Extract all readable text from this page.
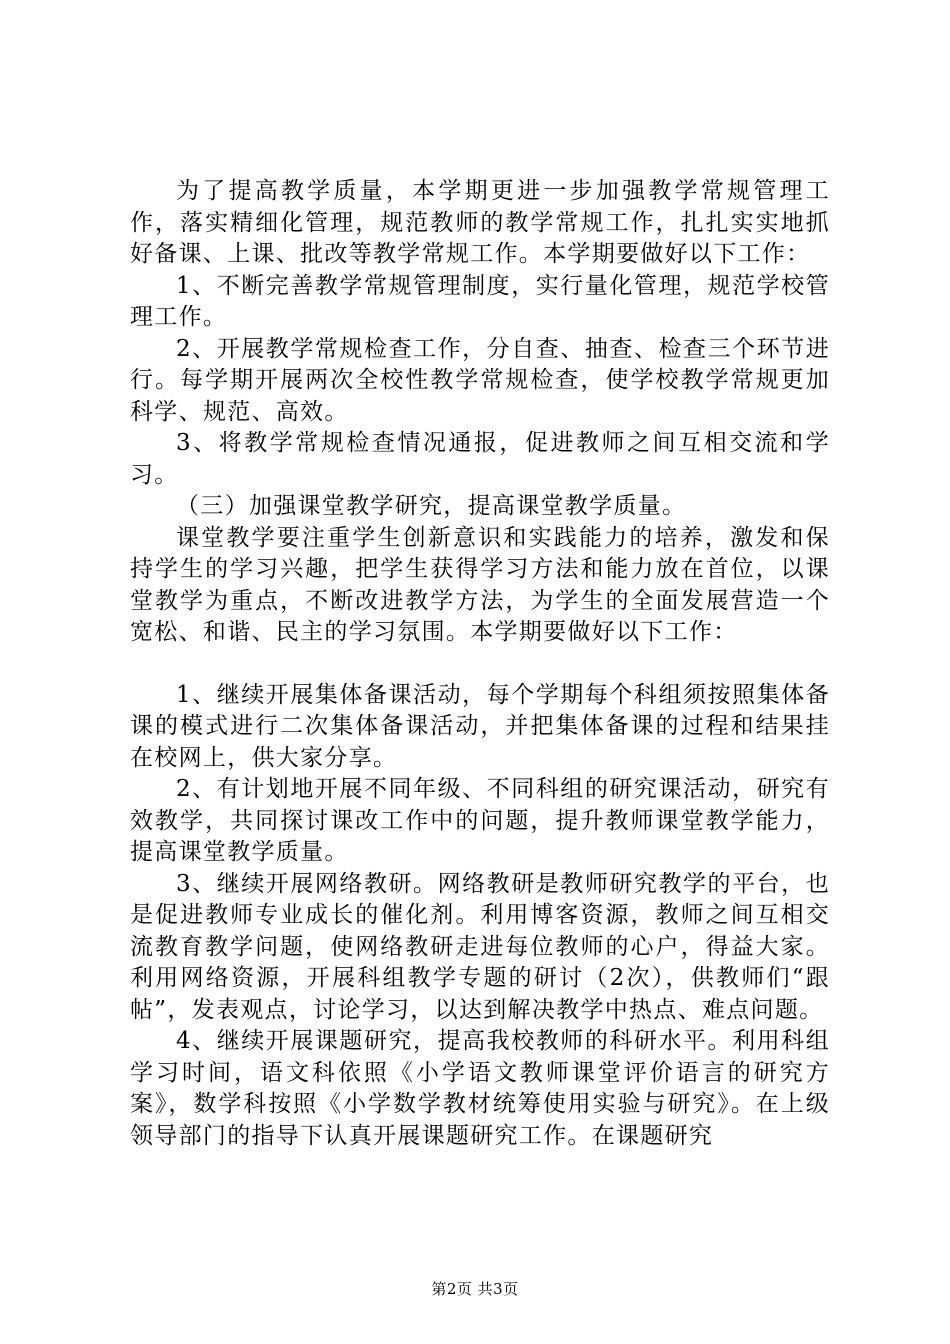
为了提高教学质量，本学期更进一步加强教学常规管理工作，落实精细化管理，规范教师的教学常规工作，扎扎实实地抓好备课、上课、批改等教学常规工作。本学期要做好以下工作：

1、不断完善教学常规管理制度，实行量化管理，规范学校管理工作。

2、开展教学常规检查工作，分自查、抽查、检查三个环节进行。每学期开展两次全校性教学常规检查，使学校教学常规更加科学、规范、高效。

3、将教学常规检查情况通报，促进教师之间互相交流和学习。

（三）加强课堂教学研究，提高课堂教学质量。

课堂教学要注重学生创新意识和实践能力的培养，激发和保持学生的学习兴趣，把学生获得学习方法和能力放在首位，以课堂教学为重点，不断改进教学方法，为学生的全面发展营造一个宽松、和谐、民主的学习氛围。本学期要做好以下工作：

1、继续开展集体备课活动，每个学期每个科组须按照集体备课的模式进行二次集体备课活动，并把集体备课的过程和结果挂在校网上，供大家分享。

2、有计划地开展不同年级、不同科组的研究课活动，研究有效教学，共同探讨课改工作中的问题，提升教师课堂教学能力，提高课堂教学质量。

3、继续开展网络教研。网络教研是教师研究教学的平台，也是促进教师专业成长的催化剂。利用博客资源，教师之间互相交流教育教学问题，使网络教研走进每位教师的心户，得益大家。利用网络资源，开展科组教学专题的研讨（2次），供教师们“跟帖”，发表观点，讨论学习，以达到解决教学中热点、难点问题。

4、继续开展课题研究，提高我校教师的科研水平。利用科组学习时间，语文科依照《小学语文教师课堂评价语言的研究方案》，数学科按照《小学数学教材统筹使用实验与研究》。在上级领导部门的指导下认真开展课题研究工作。在课题研究

第2页 共3页
